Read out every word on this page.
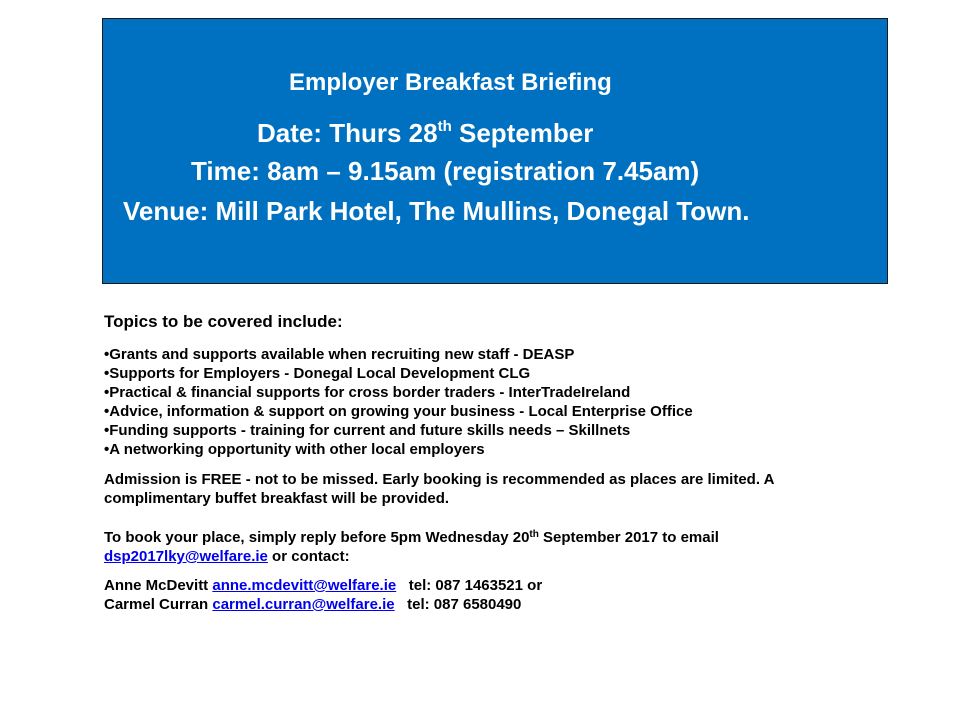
Employer Breakfast Briefing
Date: Thurs 28th September
Time: 8am – 9.15am (registration 7.45am)
Venue: Mill Park Hotel, The Mullins, Donegal Town.
Topics to be covered include:
• Grants and supports available when recruiting new staff - DEASP
• Supports for Employers - Donegal Local Development CLG
• Practical & financial supports for cross border traders - InterTradeIreland
• Advice, information & support on growing your business - Local Enterprise Office
• Funding supports - training for current and future skills needs – Skillnets
• A networking opportunity with other local employers
Admission is FREE - not to be missed. Early booking is recommended as places are limited. A complimentary buffet breakfast will be provided.
To book your place, simply reply before 5pm Wednesday 20th September 2017 to email
dsp2017lky@welfare.ie or contact:
Anne McDevitt anne.mcdevitt@welfare.ie   tel: 087 1463521 or
Carmel Curran carmel.curran@welfare.ie   tel: 087 6580490
